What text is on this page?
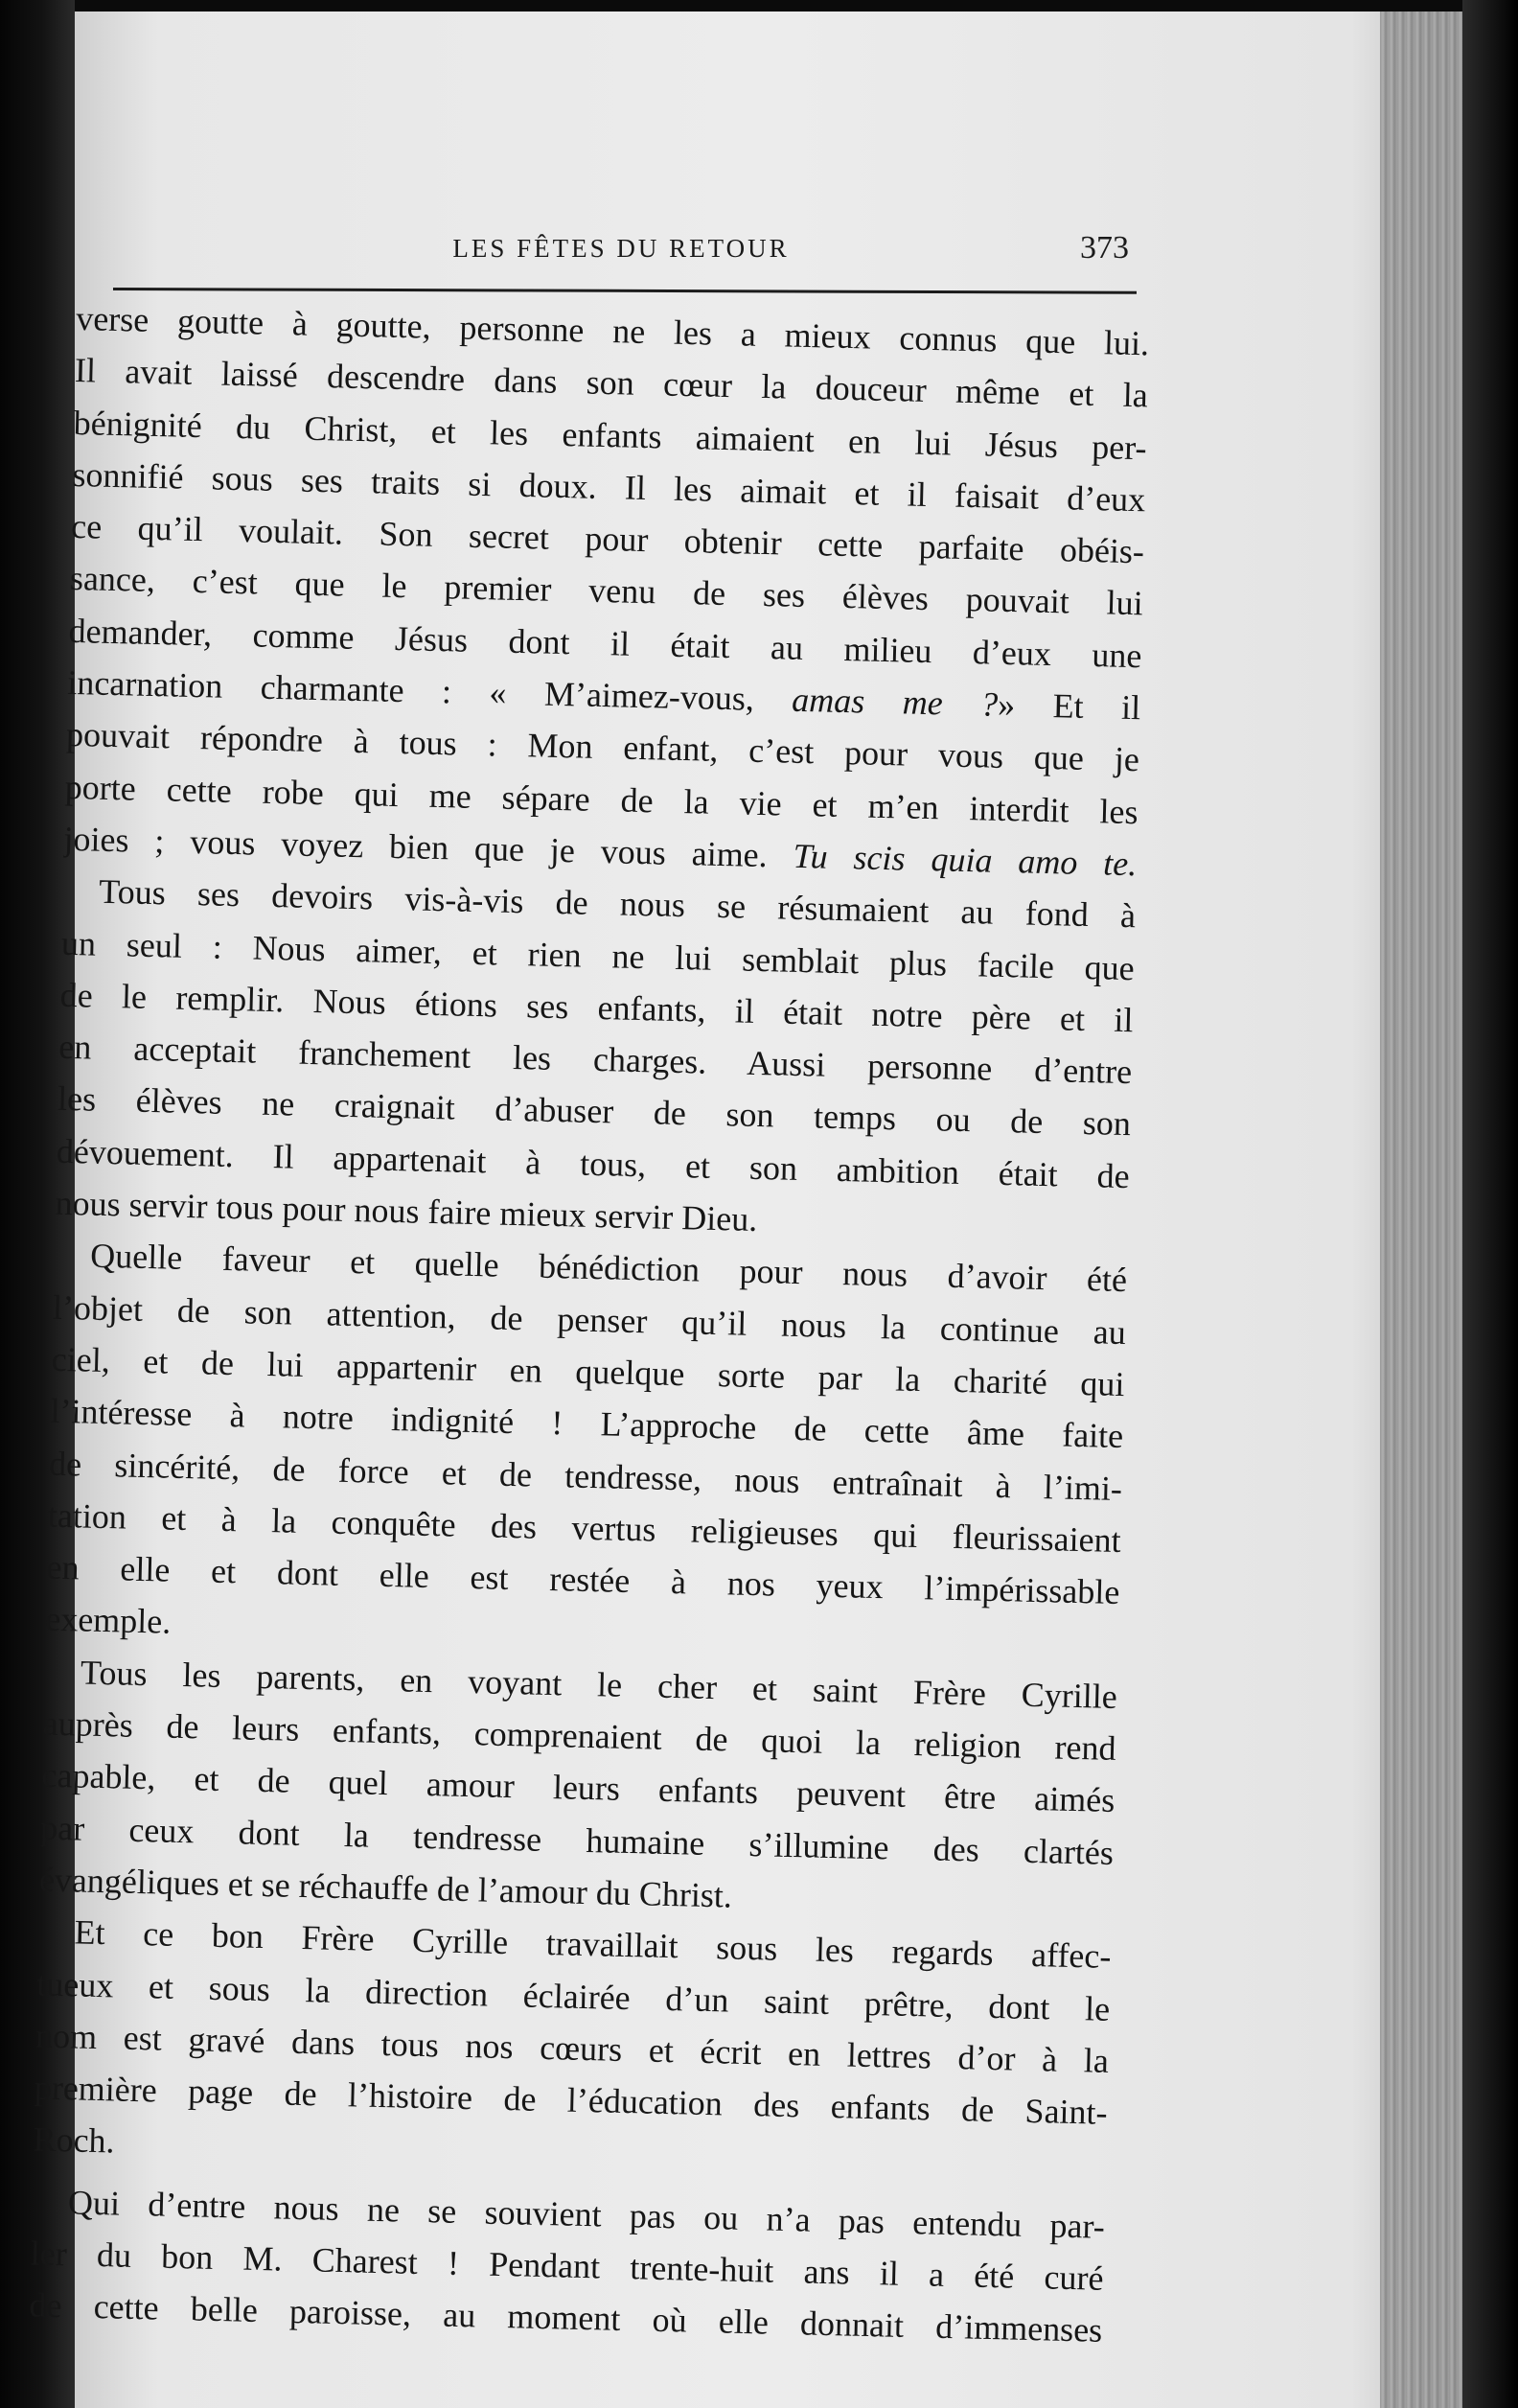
LES FÊTES DU RETOUR	373
verse goutte à goutte, personne ne les a mieux connus que lui.
Il avait laissé descendre dans son cœur la douceur même et la
bénignité du Christ, et les enfants aimaient en lui Jésus per-
sonnifié sous ses traits si doux. Il les aimait et il faisait d’eux
ce qu’il voulait. Son secret pour obtenir cette parfaite obéis-
sance, c’est que le premier venu de ses élèves pouvait lui
demander, comme Jésus dont il était au milieu d’eux une
incarnation charmante : « M’aimez-vous, amas me ?» Et il
pouvait répondre à tous : Mon enfant, c’est pour vous que je
porte cette robe qui me sépare de la vie et m’en interdit les
joies ; vous voyez bien que je vous aime. Tu scis quia amo te.
Tous ses devoirs vis-à-vis de nous se résumaient au fond à
un seul : Nous aimer, et rien ne lui semblait plus facile que
de le remplir. Nous étions ses enfants, il était notre père et il
en acceptait franchement les charges. Aussi personne d’entre
les élèves ne craignait d’abuser de son temps ou de son
dévouement. Il appartenait à tous, et son ambition était de
nous servir tous pour nous faire mieux servir Dieu.
Quelle faveur et quelle bénédiction pour nous d’avoir été
l’objet de son attention, de penser qu’il nous la continue au
ciel, et de lui appartenir en quelque sorte par la charité qui
l’intéresse à notre indignité ! L’approche de cette âme faite
de sincérité, de force et de tendresse, nous entraînait à l’imi-
tation et à la conquête des vertus religieuses qui fleurissaient
en elle et dont elle est restée à nos yeux l’impérissable
exemple.
Tous les parents, en voyant le cher et saint Frère Cyrille
auprès de leurs enfants, comprenaient de quoi la religion rend
capable, et de quel amour leurs enfants peuvent être aimés
par ceux dont la tendresse humaine s’illumine des clartés
évangéliques et se réchauffe de l’amour du Christ.
Et ce bon Frère Cyrille travaillait sous les regards affec-
tueux et sous la direction éclairée d’un saint prêtre, dont le
nom est gravé dans tous nos cœurs et écrit en lettres d’or à la
première page de l’histoire de l’éducation des enfants de Saint-
Roch.
Qui d’entre nous ne se souvient pas ou n’a pas entendu par-
ler du bon M. Charest ! Pendant trente-huit ans il a été curé
de cette belle paroisse, au moment où elle donnait d’immenses
